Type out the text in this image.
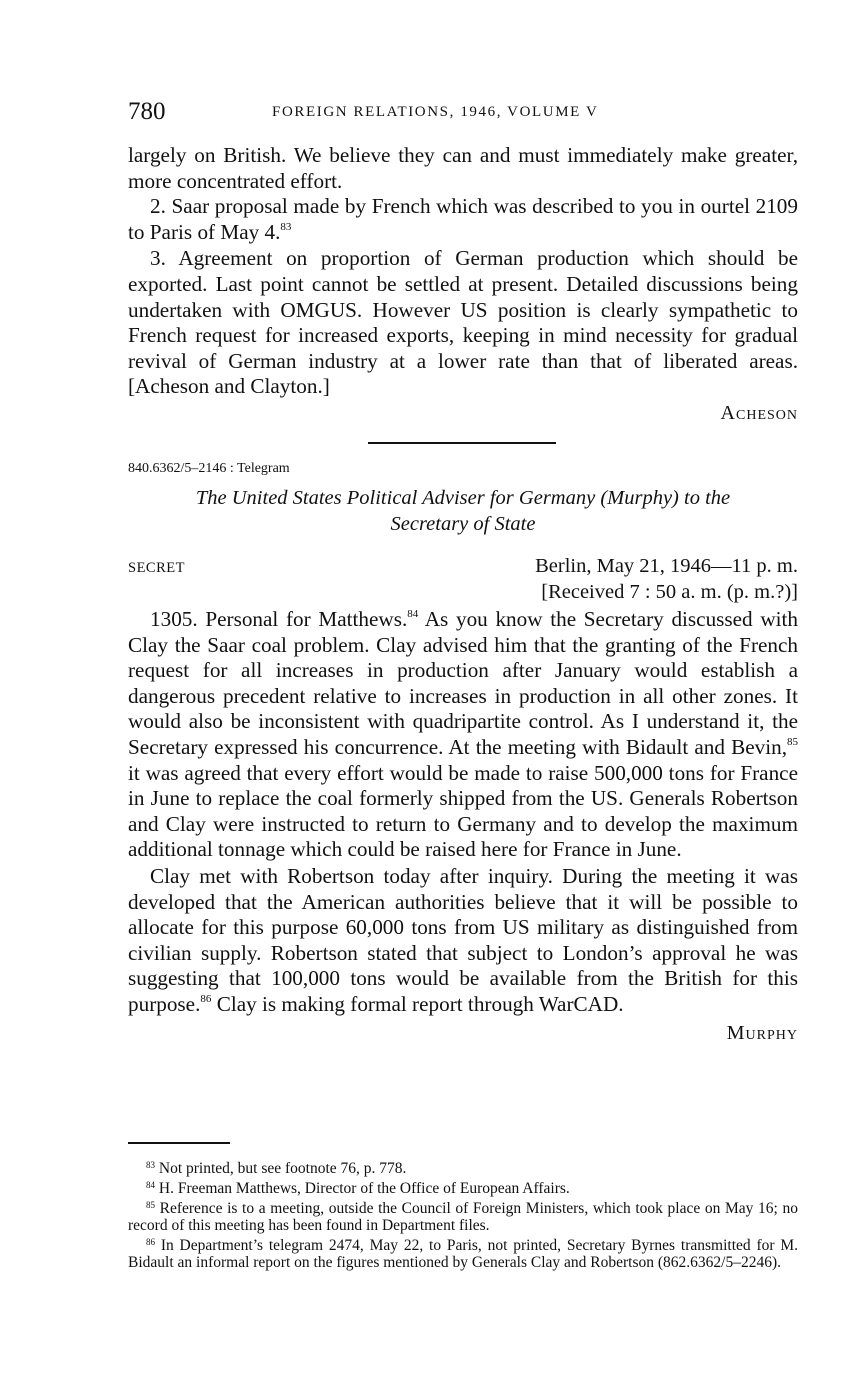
780	FOREIGN RELATIONS, 1946, VOLUME V

largely on British. We believe they can and must immediately make greater, more concentrated effort.

2. Saar proposal made by French which was described to you in ourtel 2109 to Paris of May 4.83

3. Agreement on proportion of German production which should be exported. Last point cannot be settled at present. Detailed discussions being undertaken with OMGUS. However US position is clearly sympathetic to French request for increased exports, keeping in mind necessity for gradual revival of German industry at a lower rate than that of liberated areas. [Acheson and Clayton.]

Acheson

840.6362/5–2146 : Telegram
The United States Political Adviser for Germany (Murphy) to the
Secretary of State
SECRET	Berlin, May 21, 1946—11 p. m.
[Received 7 : 50 a. m. (p. m.?)]

1305. Personal for Matthews.$^{84}$ As you know the Secretary discussed with Clay the Saar coal problem. Clay advised him that the granting of the French request for all increases in production after January would establish a dangerous precedent relative to increases in production in all other zones. It would also be inconsistent with quadripartite control. As I understand it, the Secretary expressed his concurrence. At the meeting with Bidault and Bevin,$^{85}$ it was agreed that every effort would be made to raise 500,000 tons for France in June to replace the coal formerly shipped from the US. Generals Robertson and Clay were instructed to return to Germany and to develop the maximum additional tonnage which could be raised here for France in June.

Clay met with Robertson today after inquiry. During the meeting it was developed that the American authorities believe that it will be possible to allocate for this purpose 60,000 tons from US military as distinguished from civilian supply. Robertson stated that subject to London’s approval he was suggesting that 100,000 tons would be available from the British for this purpose.$^{86}$ Clay is making formal report through WarCAD.

Murphy

$^{83}$ Not printed, but see footnote 76, p. 778.

$^{84}$ H. Freeman Matthews, Director of the Office of European Affairs.

$^{85}$ Reference is to a meeting, outside the Council of Foreign Ministers, which took place on May 16; no record of this meeting has been found in Department files.

$^{86}$ In Department’s telegram 2474, May 22, to Paris, not printed, Secretary Byrnes transmitted for M. Bidault an informal report on the figures mentioned by Generals Clay and Robertson (862.6362/5–2246).
